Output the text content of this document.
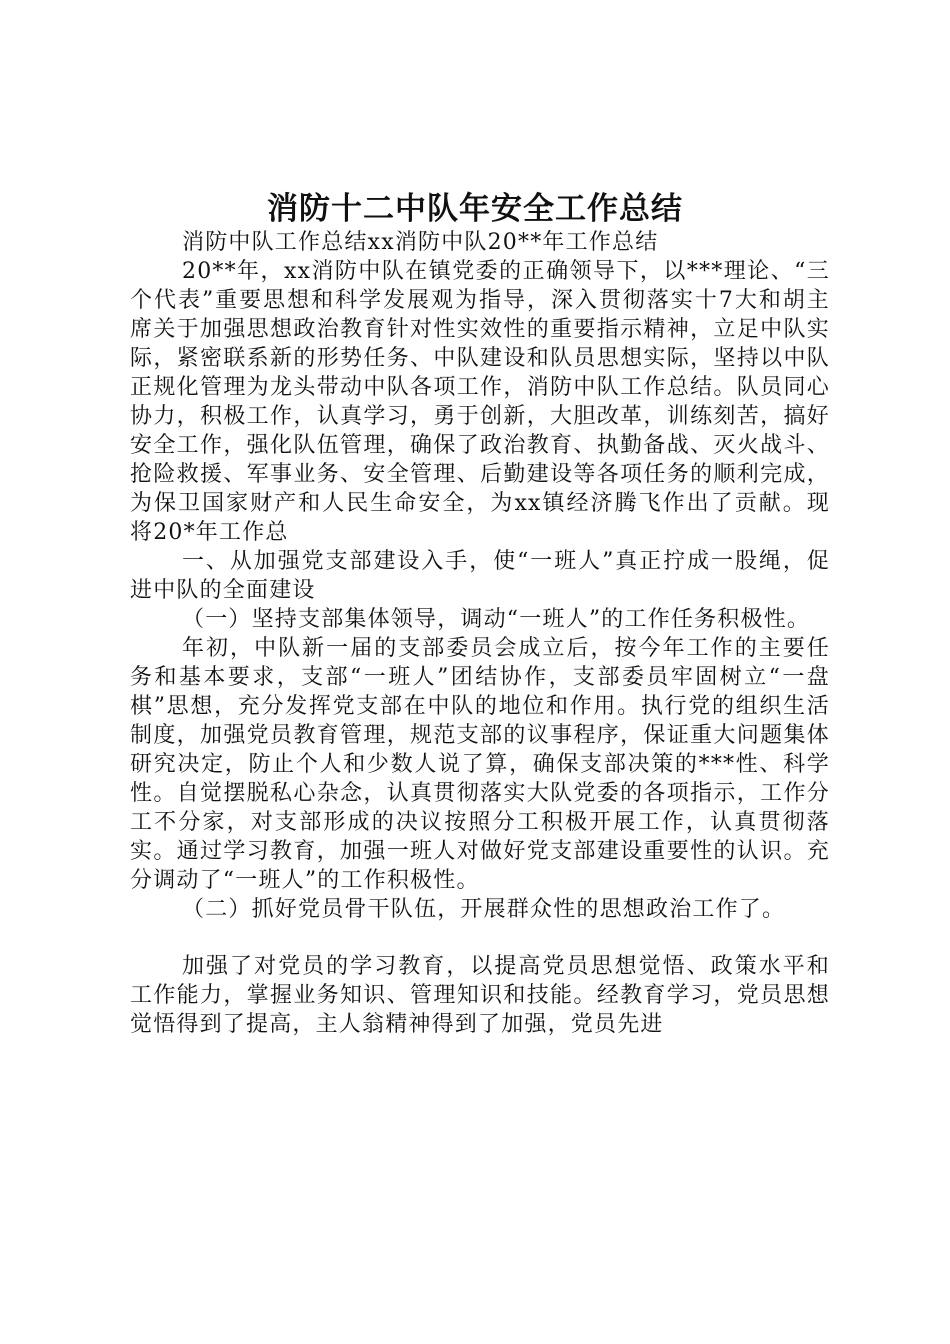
消防十二中队年安全工作总结

消防中队工作总结xx消防中队20**年工作总结

20**年，xx消防中队在镇党委的正确领导下，以***理论、“三个代表”重要思想和科学发展观为指导，深入贯彻落实十7大和胡主席关于加强思想政治教育针对性实效性的重要指示精神，立足中队实际，紧密联系新的形势任务、中队建设和队员思想实际，坚持以中队正规化管理为龙头带动中队各项工作，消防中队工作总结。队员同心协力，积极工作，认真学习，勇于创新，大胆改革，训练刻苦，搞好安全工作，强化队伍管理，确保了政治教育、执勤备战、灭火战斗、抢险救援、军事业务、安全管理、后勤建设等各项任务的顺利完成，为保卫国家财产和人民生命安全，为xx镇经济腾飞作出了贡献。现将20*年工作总

一、从加强党支部建设入手，使“一班人”真正拧成一股绳，促进中队的全面建设

（一）坚持支部集体领导，调动“一班人”的工作任务积极性。

年初，中队新一届的支部委员会成立后，按今年工作的主要任务和基本要求，支部“一班人”团结协作，支部委员牢固树立“一盘棋”思想，充分发挥党支部在中队的地位和作用。执行党的组织生活制度，加强党员教育管理，规范支部的议事程序，保证重大问题集体研究决定，防止个人和少数人说了算，确保支部决策的***性、科学性。自觉摆脱私心杂念，认真贯彻落实大队党委的各项指示，工作分工不分家，对支部形成的决议按照分工积极开展工作，认真贯彻落实。通过学习教育，加强一班人对做好党支部建设重要性的认识。充分调动了“一班人”的工作积极性。

（二）抓好党员骨干队伍，开展群众性的思想政治工作了。

加强了对党员的学习教育，以提高党员思想觉悟、政策水平和工作能力，掌握业务知识、管理知识和技能。经教育学习，党员思想觉悟得到了提高，主人翁精神得到了加强，党员先进
